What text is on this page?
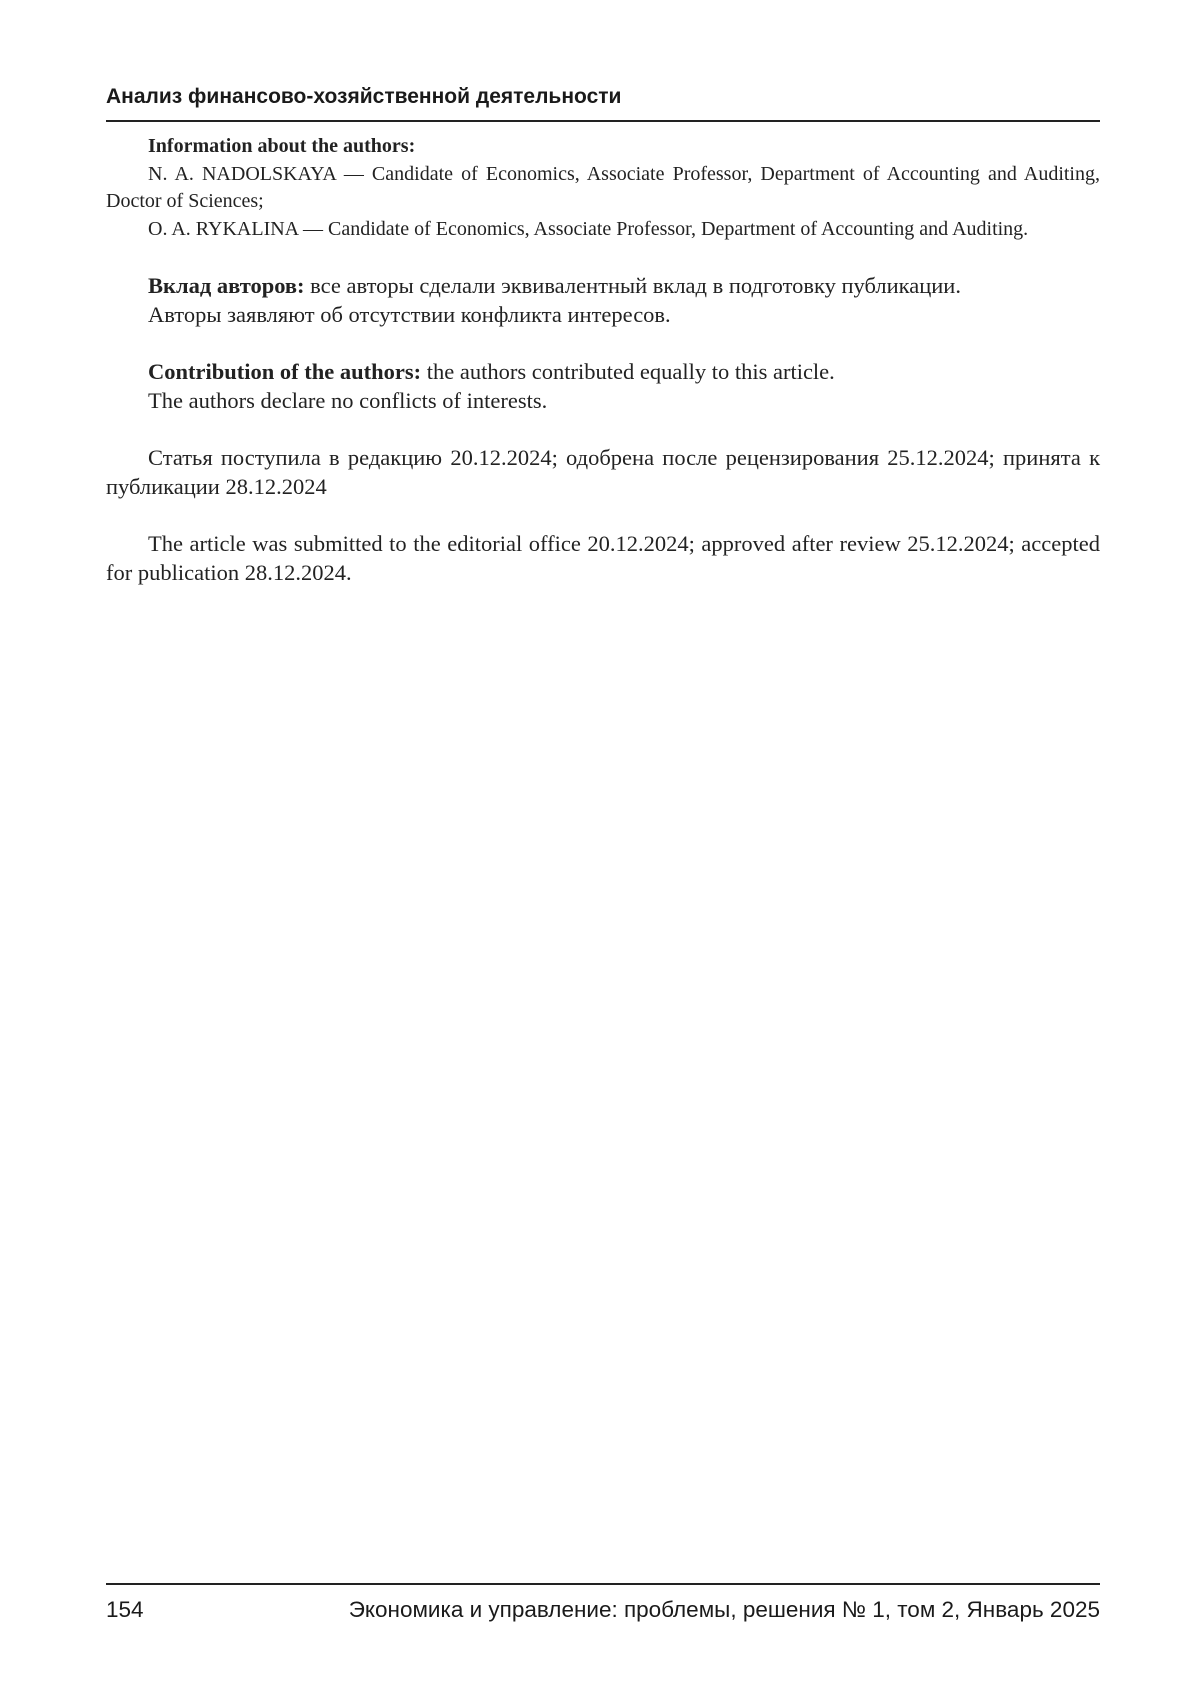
Анализ финансово-хозяйственной деятельности

Information about the authors:

N. A. NADOLSKAYA — Candidate of Economics, Associate Professor, Department of Accounting and Auditing, Doctor of Sciences;

O. A. RYKALINA — Candidate of Economics, Associate Professor, Department of Accounting and Auditing.

Вклад авторов: все авторы сделали эквивалентный вклад в подготовку публикации.

Авторы заявляют об отсутствии конфликта интересов.

Contribution of the authors: the authors contributed equally to this article.

The authors declare no conflicts of interests.

Статья поступила в редакцию 20.12.2024; одобрена после рецензирования 25.12.2024; принята к публикации 28.12.2024

The article was submitted to the editorial office 20.12.2024; approved after review 25.12.2024; accepted for publication 28.12.2024.

154	Экономика и управление: проблемы, решения № 1, том 2, Январь 2025
